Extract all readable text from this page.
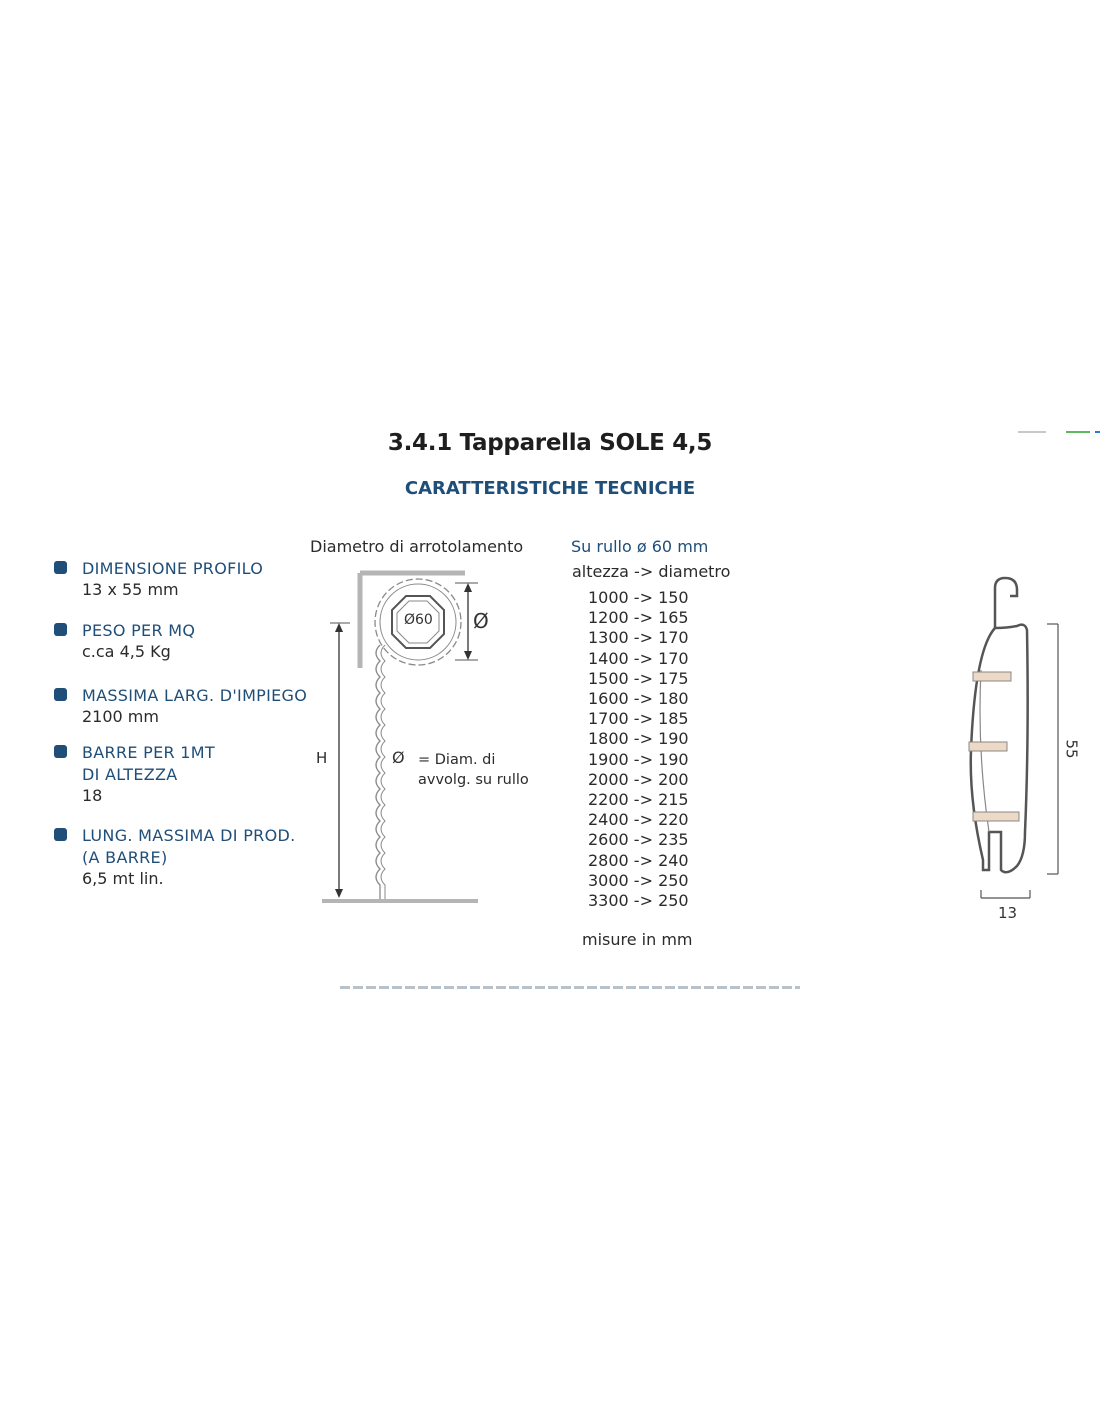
3.4.1 Tapparella SOLE 4,5
CARATTERISTICHE TECNICHE
DIMENSIONE PROFILO
13 x 55 mm
PESO PER MQ
c.ca 4,5 Kg
MASSIMA LARG. D'IMPIEGO
2100 mm
BARRE PER 1MT
DI ALTEZZA
18
LUNG. MASSIMA DI PROD.
(A BARRE)
6,5 mt lin.
Diametro di arrotolamento
Ø60 Ø
H	Ø = Diam. di
avvolg. su rullo
Su rullo ø 60 mm
altezza -> diametro
1000 -> 150
1200 -> 165
1300 -> 170
1400 -> 170
1500 -> 175
1600 -> 180
1700 -> 185
1800 -> 190
1900 -> 190
2000 -> 200
2200 -> 215
2400 -> 220
2600 -> 235
2800 -> 240
3000 -> 250
3300 -> 250
misure in mm
55
13
